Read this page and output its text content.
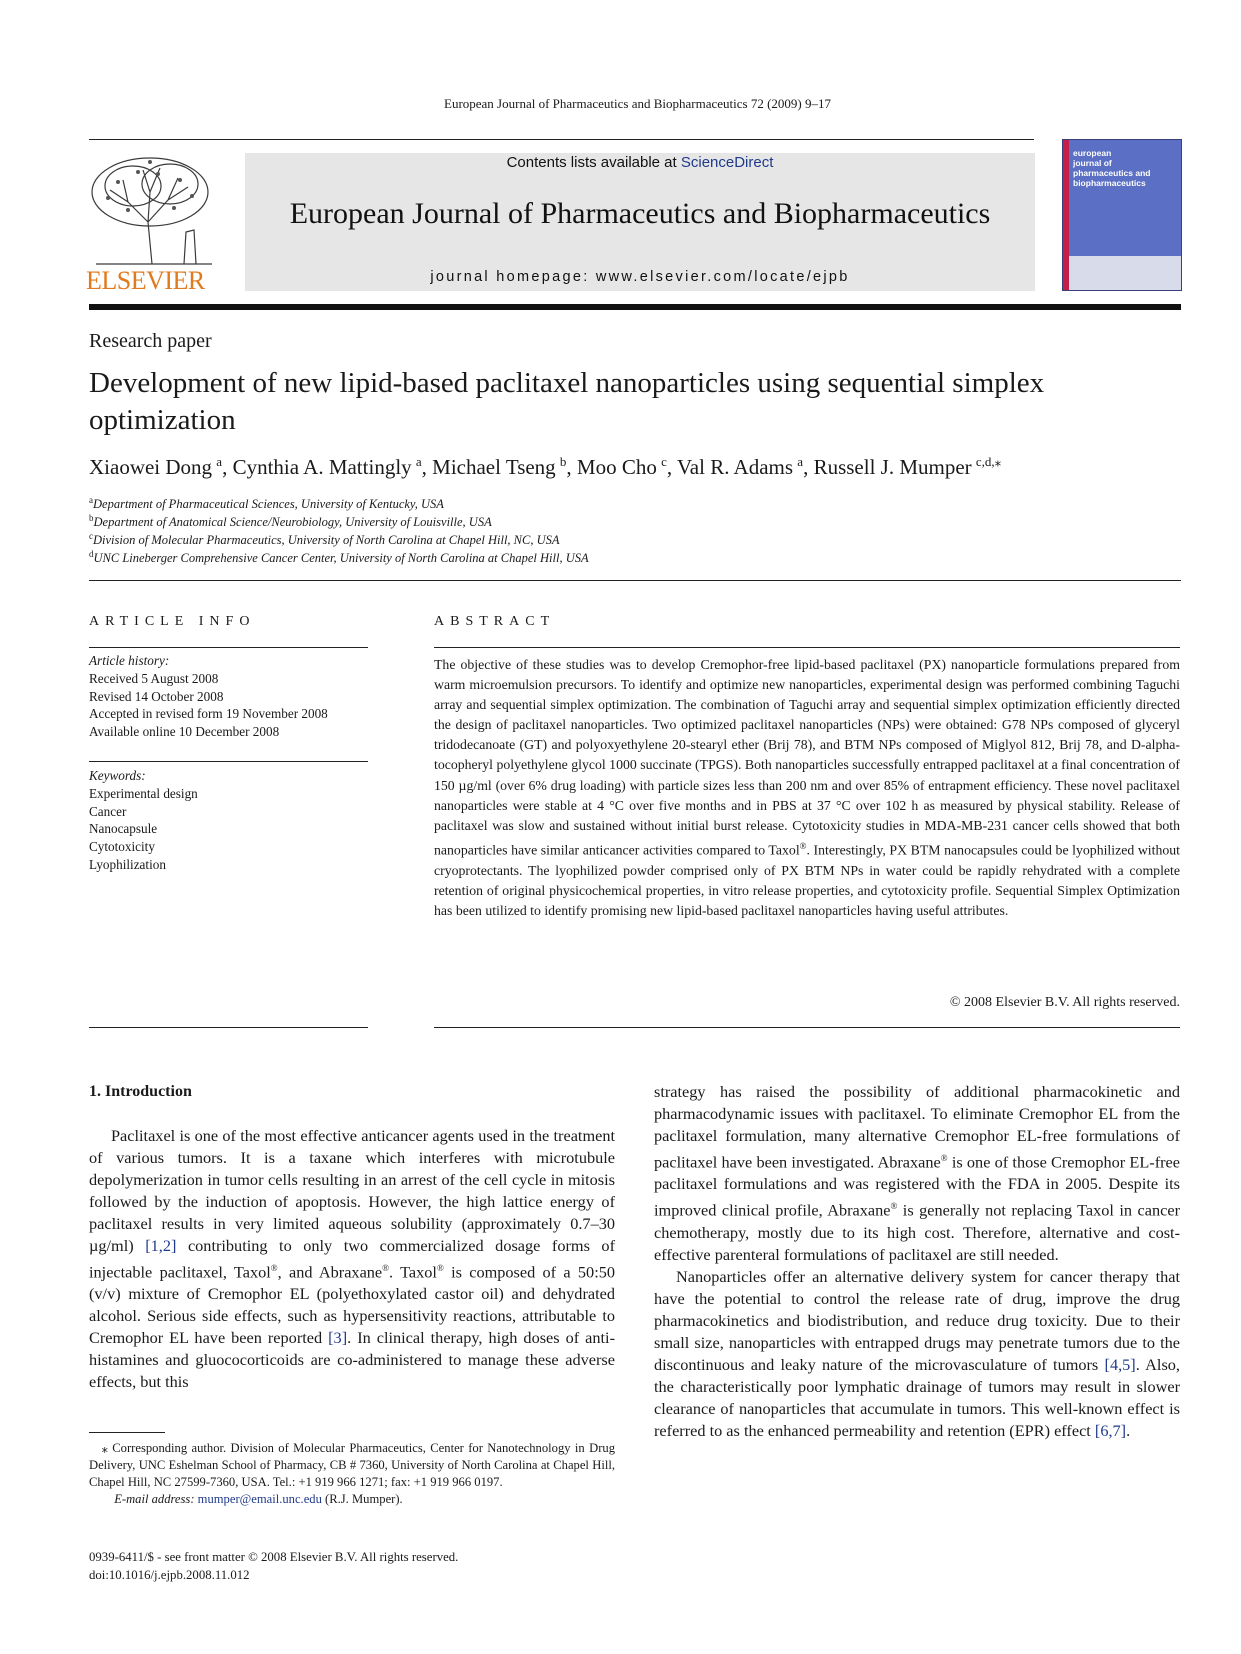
European Journal of Pharmaceutics and Biopharmaceutics 72 (2009) 9–17
ELSEVIER
Contents lists available at ScienceDirect
European Journal of Pharmaceutics and Biopharmaceutics
journal homepage: www.elsevier.com/locate/ejpb
european
journal of
pharmaceutics and
biopharmaceutics
Research paper
Development of new lipid-based paclitaxel nanoparticles using sequential simplex optimization
Xiaowei Dong  $^a$, Cynthia A. Mattingly  $^a$, Michael Tseng  $^b$, Moo Cho  $^c$, Val R. Adams  $^a$, Russell J. Mumper  $^{c,d,⁎}$
$^a$Department of Pharmaceutical Sciences, University of Kentucky, USA
$^b$Department of Anatomical Science/Neurobiology, University of Louisville, USA
$^c$Division of Molecular Pharmaceutics, University of North Carolina at Chapel Hill, NC, USA
$^d$UNC Lineberger Comprehensive Cancer Center, University of North Carolina at Chapel Hill, USA
ARTICLE INFO
Article history:
Received 5 August 2008
Revised 14 October 2008
Accepted in revised form 19 November 2008
Available online 10 December 2008
Keywords:
Experimental design
Cancer
Nanocapsule
Cytotoxicity
Lyophilization
ABSTRACT
The objective of these studies was to develop Cremophor-free lipid-based paclitaxel (PX) nanoparticle formulations prepared from warm microemulsion precursors. To identify and optimize new nanoparticles, experimental design was performed combining Taguchi array and sequential simplex optimization. The combination of Taguchi array and sequential simplex optimization efficiently directed the design of paclitaxel nanoparticles. Two optimized paclitaxel nanoparticles (NPs) were obtained: G78 NPs composed of glyceryl tridodecanoate (GT) and polyoxyethylene 20-stearyl ether (Brij 78), and BTM NPs composed of Miglyol 812, Brij 78, and D-alpha-tocopheryl polyethylene glycol 1000 succinate (TPGS). Both nanoparticles successfully entrapped paclitaxel at a final concentration of 150 µg/ml (over 6% drug loading) with particle sizes less than 200 nm and over 85% of entrapment efficiency. These novel paclitaxel nanoparticles were stable at 4 °C over five months and in PBS at 37 °C over 102 h as measured by physical stability. Release of paclitaxel was slow and sustained without initial burst release. Cytotoxicity studies in MDA-MB-231 cancer cells showed that both nanoparticles have similar anticancer activities compared to Taxol®. Interestingly, PX BTM nanocapsules could be lyophilized without cryoprotectants. The lyophilized powder comprised only of PX BTM NPs in water could be rapidly rehydrated with a complete retention of original physicochemical properties, in vitro release properties, and cytotoxicity profile. Sequential Simplex Optimization has been utilized to identify promising new lipid-based paclitaxel nanoparticles having useful attributes.
© 2008 Elsevier B.V. All rights reserved.
1. Introduction

Paclitaxel is one of the most effective anticancer agents used in the treatment of various tumors. It is a taxane which interferes with microtubule depolymerization in tumor cells resulting in an arrest of the cell cycle in mitosis followed by the induction of apoptosis. However, the high lattice energy of paclitaxel results in very limited aqueous solubility (approximately 0.7–30 µg/ml) [1,2] contributing to only two commercialized dosage forms of injectable paclitaxel, Taxol®, and Abraxane®. Taxol® is composed of a 50:50 (v/v) mixture of Cremophor EL (polyethoxylated castor oil) and dehydrated alcohol. Serious side effects, such as hypersensitivity reactions, attributable to Cremophor EL have been reported [3]. In clinical therapy, high doses of anti-histamines and gluococorticoids are co-administered to manage these adverse effects, but this

strategy has raised the possibility of additional pharmacokinetic and pharmacodynamic issues with paclitaxel. To eliminate Cremophor EL from the paclitaxel formulation, many alternative Cremophor EL-free formulations of paclitaxel have been investigated. Abraxane® is one of those Cremophor EL-free paclitaxel formulations and was registered with the FDA in 2005. Despite its improved clinical profile, Abraxane® is generally not replacing Taxol in cancer chemotherapy, mostly due to its high cost. Therefore, alternative and cost-effective parenteral formulations of paclitaxel are still needed.

Nanoparticles offer an alternative delivery system for cancer therapy that have the potential to control the release rate of drug, improve the drug pharmacokinetics and biodistribution, and reduce drug toxicity. Due to their small size, nanoparticles with entrapped drugs may penetrate tumors due to the discontinuous and leaky nature of the microvasculature of tumors [4,5]. Also, the characteristically poor lymphatic drainage of tumors may result in slower clearance of nanoparticles that accumulate in tumors. This well-known effect is referred to as the enhanced permeability and retention (EPR) effect [6,7].

 ⁎ Corresponding author. Division of Molecular Pharmaceutics, Center for Nanotechnology in Drug Delivery, UNC Eshelman School of Pharmacy, CB # 7360, University of North Carolina at Chapel Hill, Chapel Hill, NC 27599-7360, USA. Tel.: +1 919 966 1271; fax: +1 919 966 0197.
  E-mail address: mumper@email.unc.edu (R.J. Mumper).
0939-6411/$ - see front matter © 2008 Elsevier B.V. All rights reserved.
doi:10.1016/j.ejpb.2008.11.012
